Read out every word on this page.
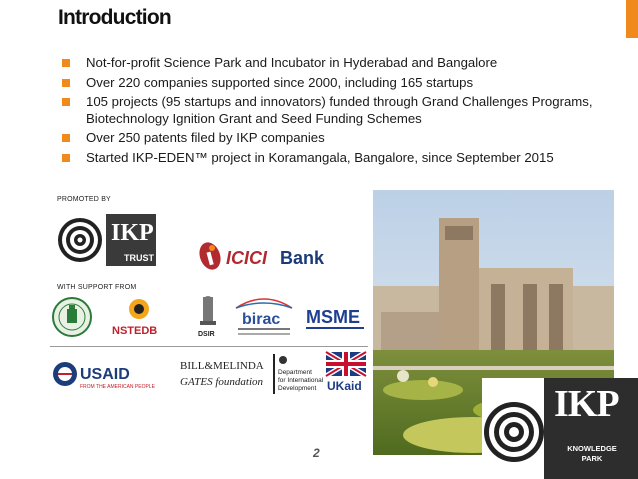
Introduction
Not-for-profit Science Park and Incubator in Hyderabad and Bangalore
Over 220 companies supported since 2000, including 165 startups
105 projects (95 startups and innovators) funded through Grand Challenges Programs, Biotechnology Ignition Grant and Seed Funding Schemes
Over 250 patents filed by IKP companies
Started IKP-EDEN™ project in Koramangala, Bangalore, since September 2015
PROMOTED BY
IKP
TRUST	ICICI Bank
WITH SUPPORT FROM
NSTEDB	DSIR
birac MSME
USAID
FROM THE AMERICAN PEOPLE
BILL&MELINDA
GATES foundation
Department
for International
Development UKaid
2
IKP
KNOWLEDGE
PARK
